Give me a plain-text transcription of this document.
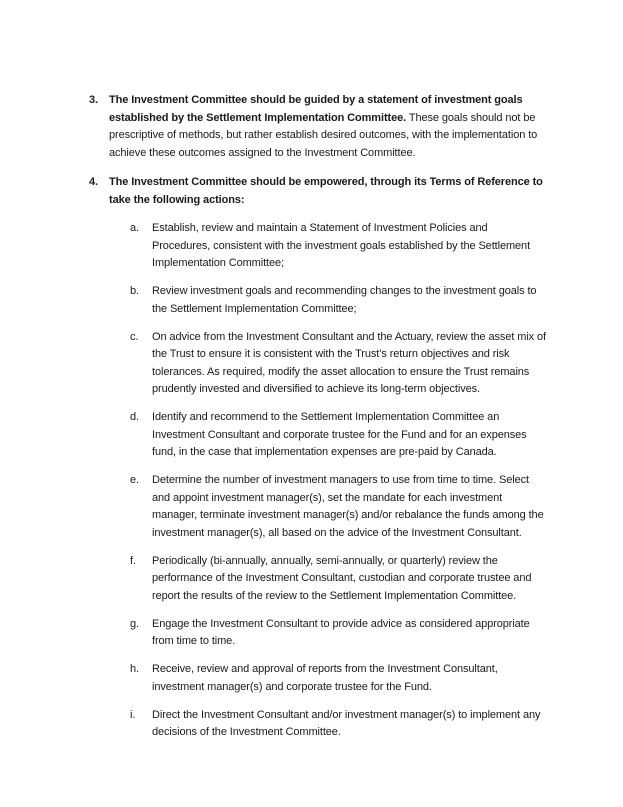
3.	The Investment Committee should be guided by a statement of investment goals established by the Settlement Implementation Committee. These goals should not be prescriptive of methods, but rather establish desired outcomes, with the implementation to achieve these outcomes assigned to the Investment Committee.

4.	The Investment Committee should be empowered, through its Terms of Reference to take the following actions:

a.	Establish, review and maintain a Statement of Investment Policies and Procedures, consistent with the investment goals established by the Settlement Implementation Committee;

b.	Review investment goals and recommending changes to the investment goals to the Settlement Implementation Committee;

c.	On advice from the Investment Consultant and the Actuary, review the asset mix of the Trust to ensure it is consistent with the Trust’s return objectives and risk tolerances. As required, modify the asset allocation to ensure the Trust remains prudently invested and diversified to achieve its long-term objectives.

d.	Identify and recommend to the Settlement Implementation Committee an Investment Consultant and corporate trustee for the Fund and for an expenses fund, in the case that implementation expenses are pre-paid by Canada.

e.	Determine the number of investment managers to use from time to time. Select and appoint investment manager(s), set the mandate for each investment manager, terminate investment manager(s) and/or rebalance the funds among the investment manager(s), all based on the advice of the Investment Consultant.

f.	Periodically (bi-annually, annually, semi-annually, or quarterly) review the performance of the Investment Consultant, custodian and corporate trustee and report the results of the review to the Settlement Implementation Committee.

g.	Engage the Investment Consultant to provide advice as considered appropriate from time to time.

h.	Receive, review and approval of reports from the Investment Consultant, investment manager(s) and corporate trustee for the Fund.

i.	Direct the Investment Consultant and/or investment manager(s) to implement any decisions of the Investment Committee.
